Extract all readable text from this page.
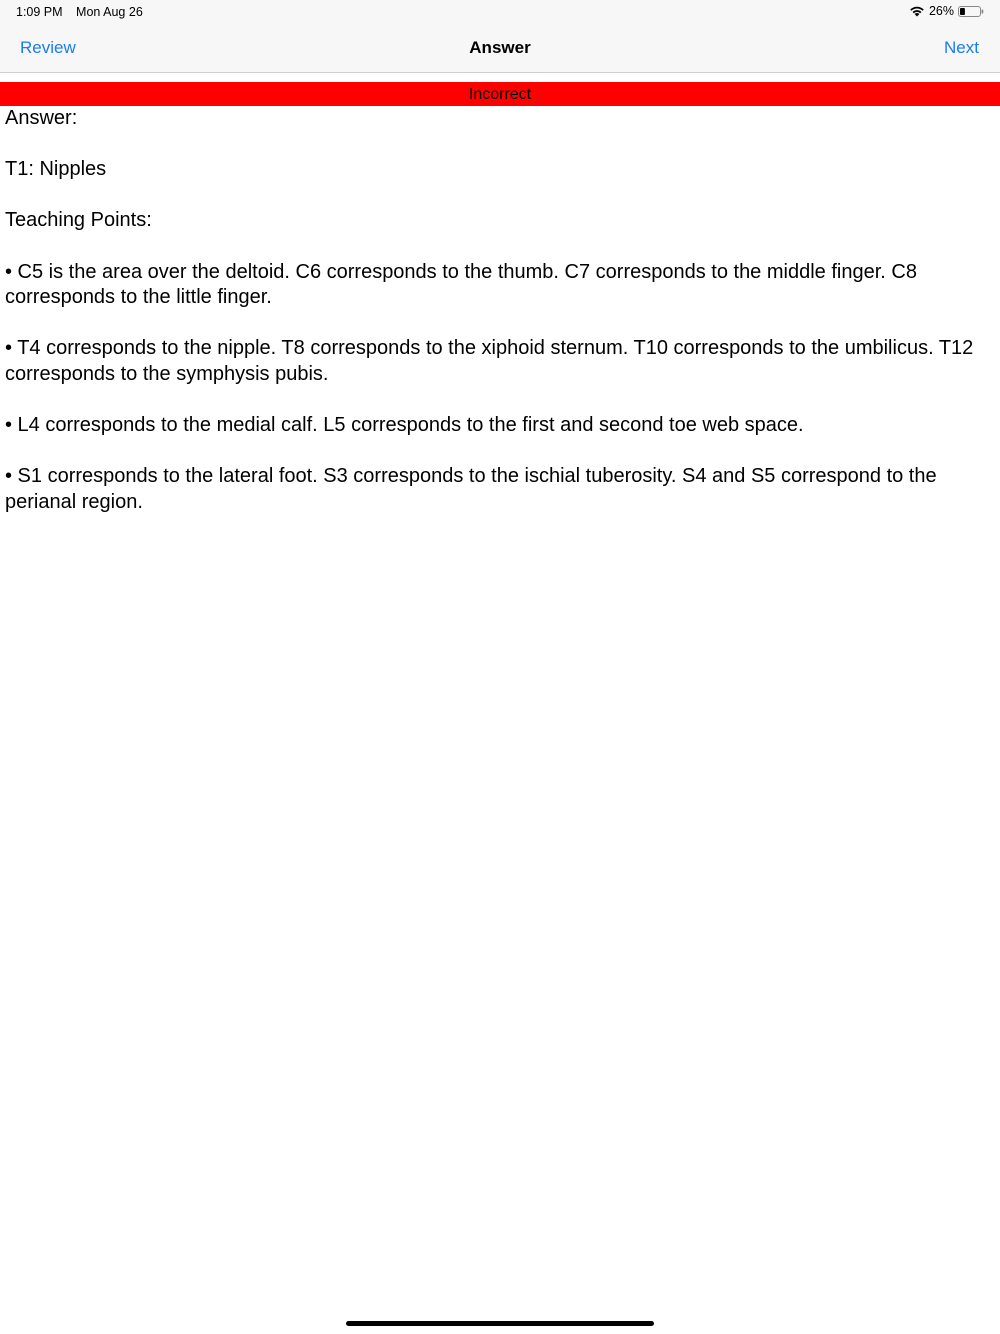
1:09 PM Mon Aug 26	26%
Review	Answer	Next
Incorrect

Answer:

T1: Nipples

Teaching Points:

• C5 is the area over the deltoid. C6 corresponds to the thumb. C7 corresponds to the middle finger. C8 corresponds to the little finger.

• T4 corresponds to the nipple. T8 corresponds to the xiphoid sternum. T10 corresponds to the umbilicus. T12 corresponds to the symphysis pubis.

• L4 corresponds to the medial calf. L5 corresponds to the first and second toe web space.

• S1 corresponds to the lateral foot. S3 corresponds to the ischial tuberosity. S4 and S5 correspond to the perianal region.
